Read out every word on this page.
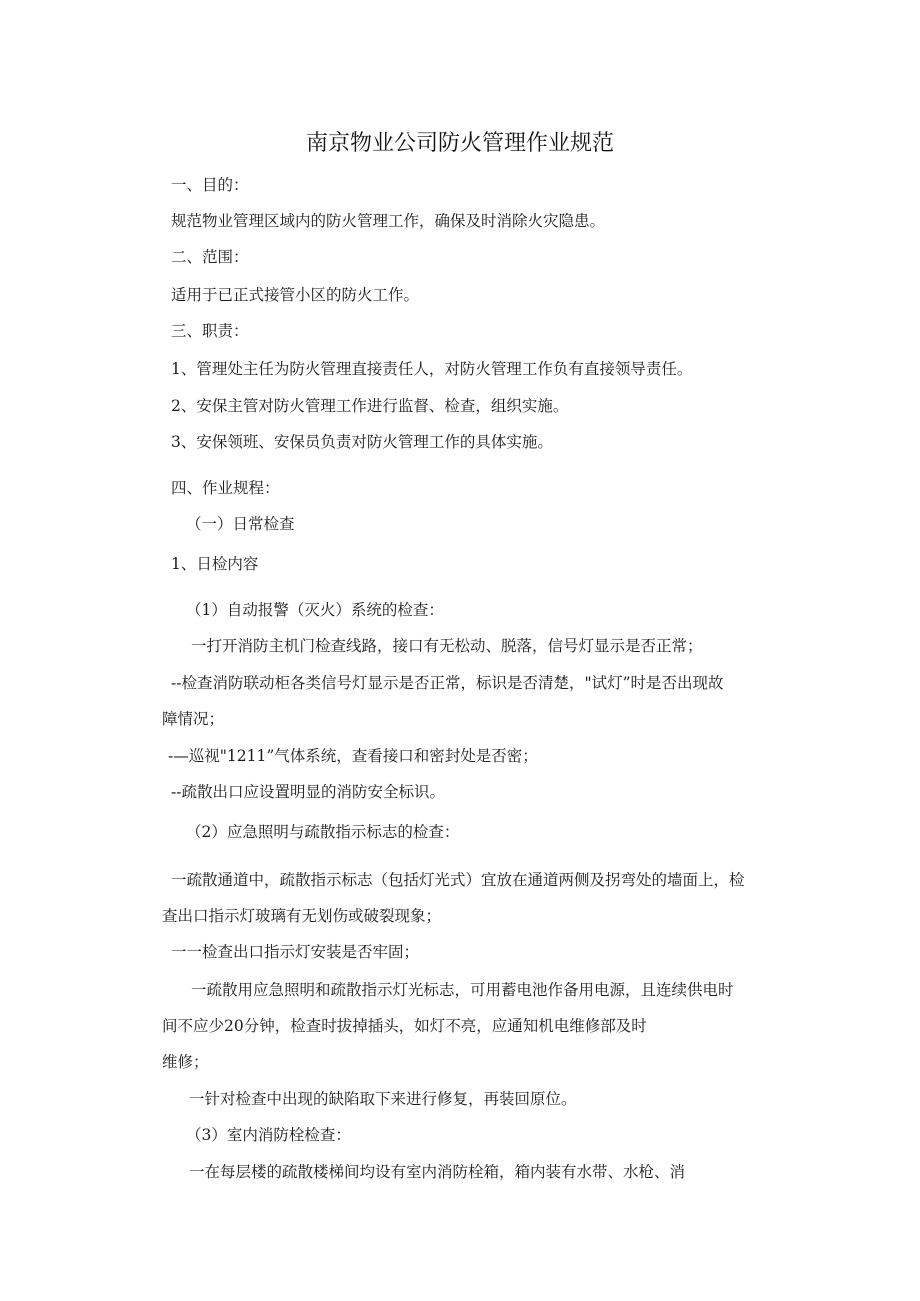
南京物业公司防火管理作业规范
一、目的：
规范物业管理区域内的防火管理工作，确保及时消除火灾隐患。
二、范围：
适用于已正式接管小区的防火工作。
三、职责：
1、管理处主任为防火管理直接责任人，对防火管理工作负有直接领导责任。
2、安保主管对防火管理工作进行监督、检查，组织实施。
3、安保领班、安保员负责对防火管理工作的具体实施。
四、作业规程：
（一）日常检查
1、日检内容
（1）自动报警（灭火）系统的检查：
一打开消防主机门检查线路，接口有无松动、脱落，信号灯显示是否正常；
--检查消防联动柜各类信号灯显示是否正常，标识是否清楚，"试灯”时是否出现故
障情况；
-—巡视"1211”气体系统，查看接口和密封处是否密；
--疏散出口应设置明显的消防安全标识。
（2）应急照明与疏散指示标志的检查：
一疏散通道中，疏散指示标志（包括灯光式）宜放在通道两侧及拐弯处的墙面上，检
查出口指示灯玻璃有无划伤或破裂现象；
一一检查出口指示灯安装是否牢固；
一疏散用应急照明和疏散指示灯光标志，可用蓄电池作备用电源，且连续供电时
间不应少20分钟，检查时拔掉插头，如灯不亮，应通知机电维修部及时
维修；
一针对检查中出现的缺陷取下来进行修复，再装回原位。
（3）室内消防栓检查：
一在每层楼的疏散楼梯间均设有室内消防栓箱，箱内装有水带、水枪、消
